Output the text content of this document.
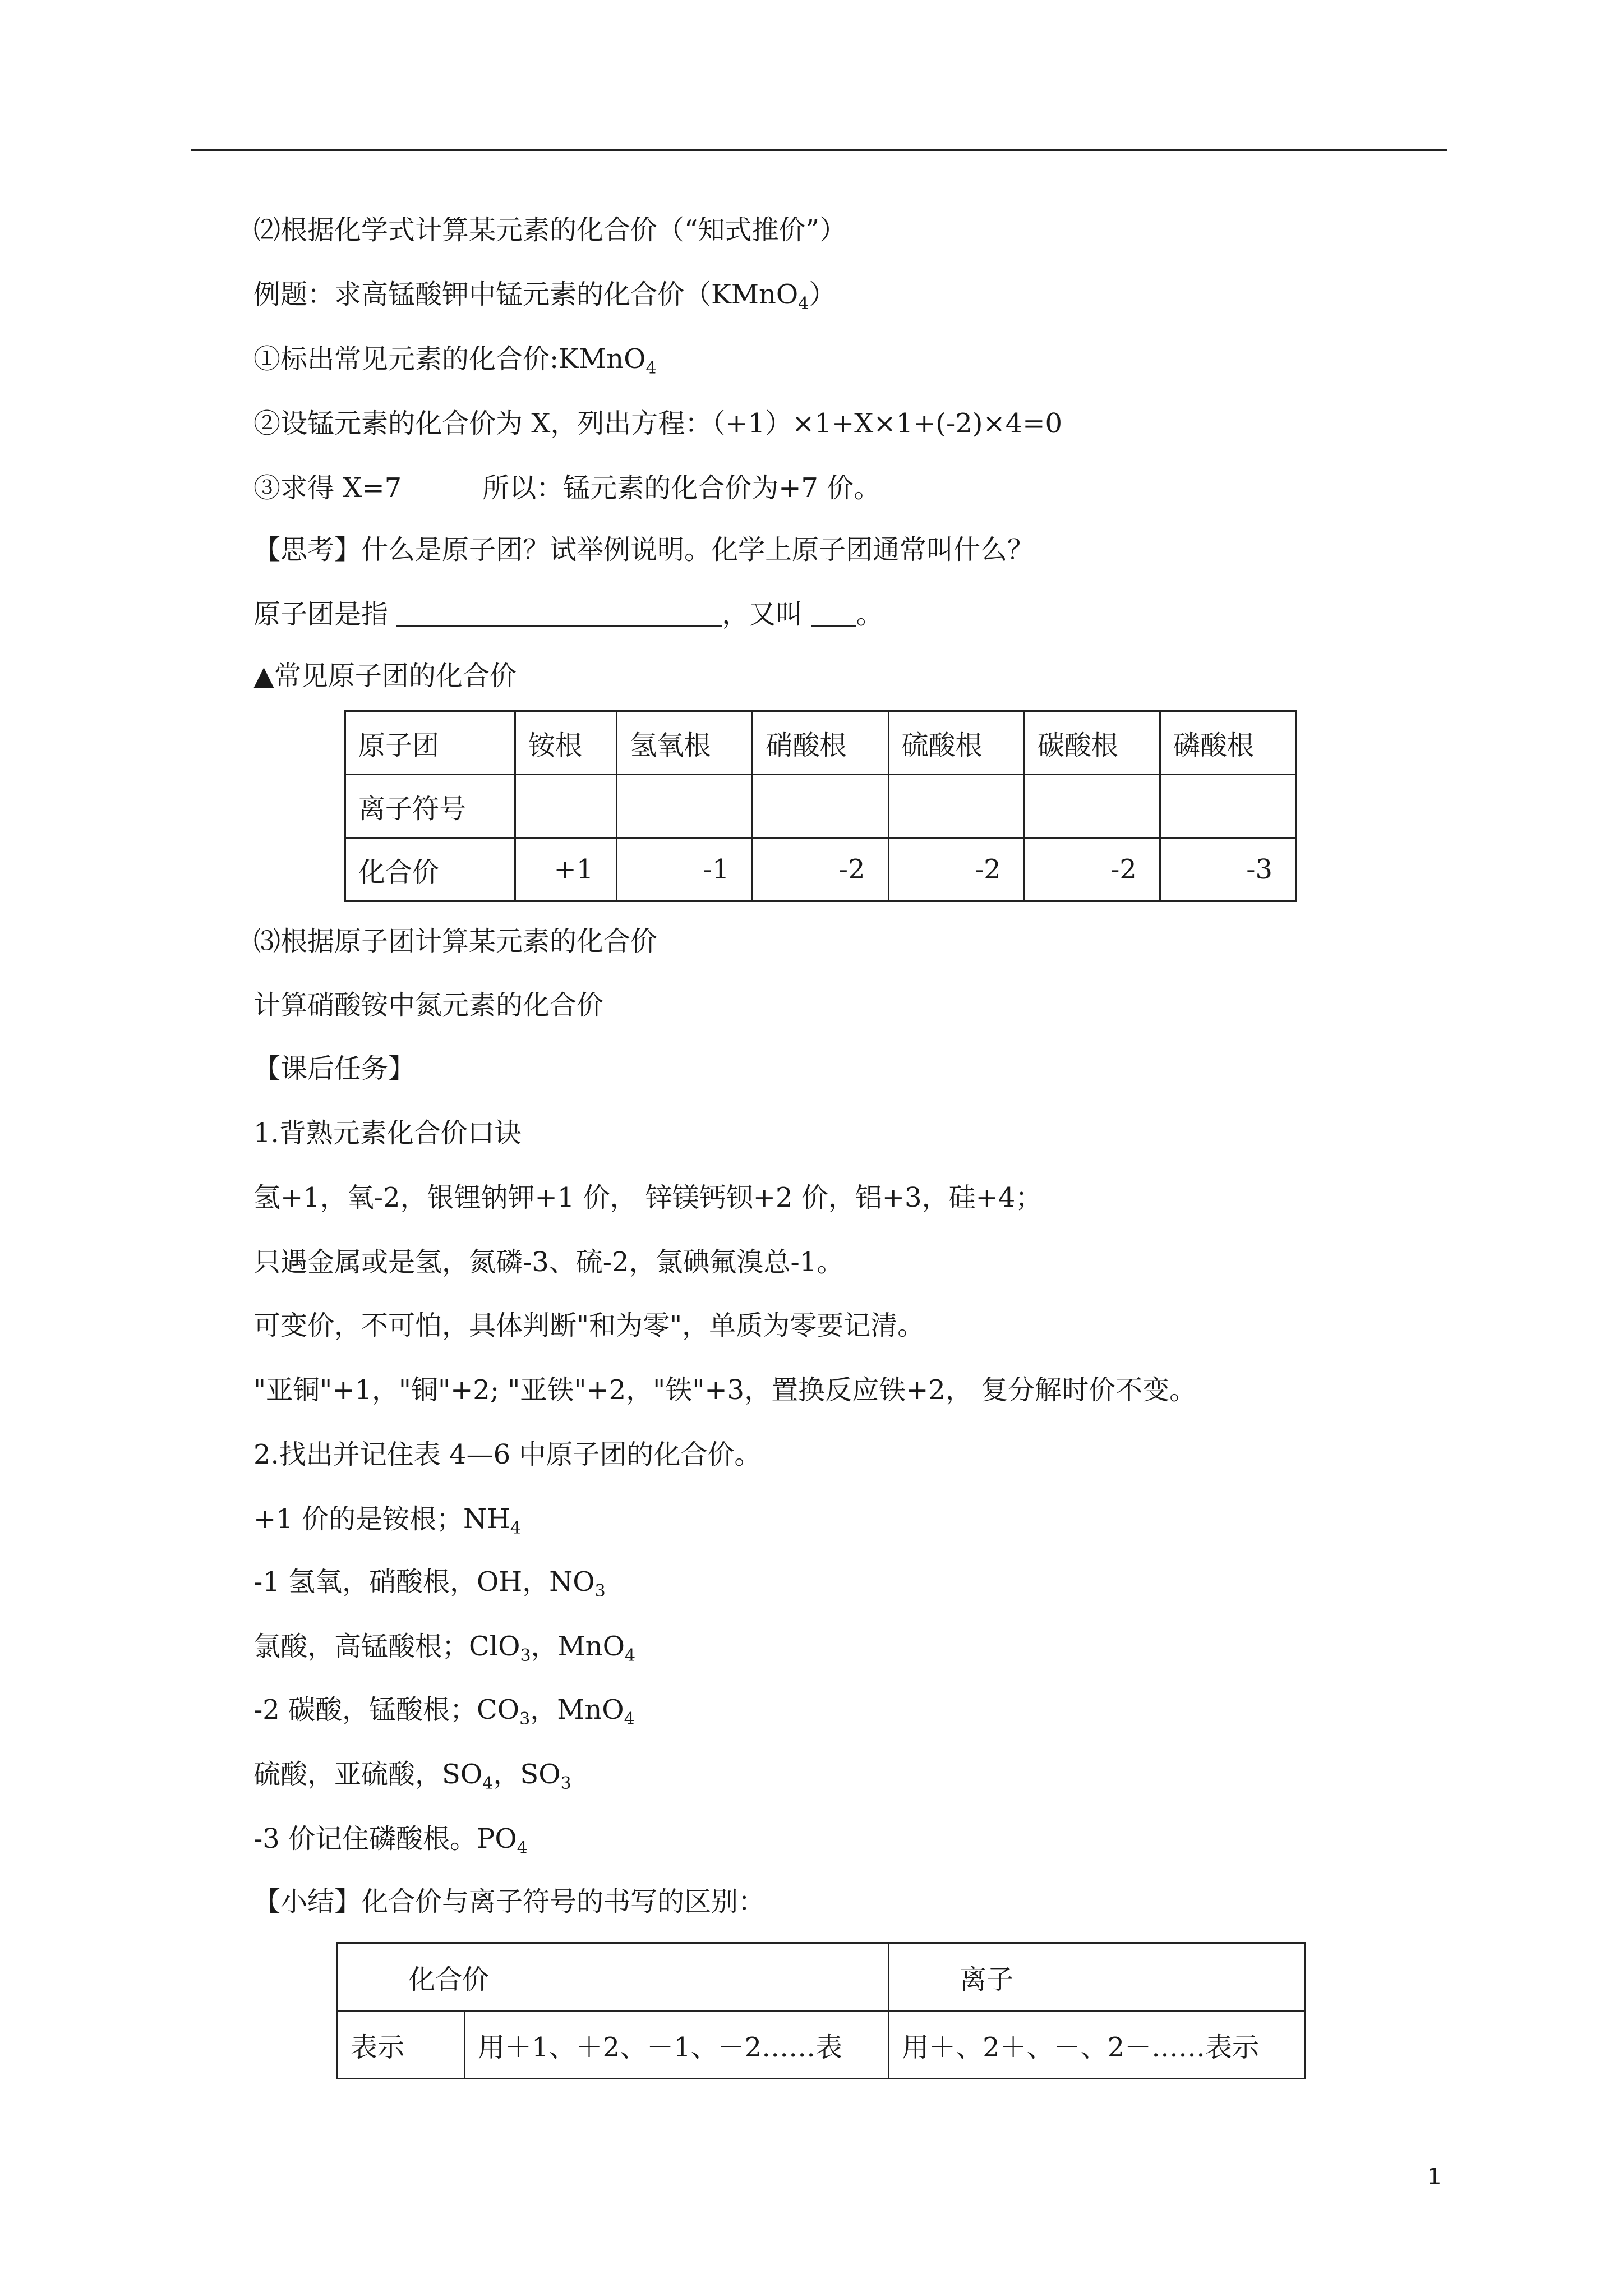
⑵根据化学式计算某元素的化合价（“知式推价”）
例题：求高锰酸钾中锰元素的化合价（KMnO$_4$）
①标出常见元素的化合价:KMnO$_4$
②设锰元素的化合价为 X，列出方程：（+1）×1+X×1+(-2)×4=0
③求得 X=7　　　所以：锰元素的化合价为+7 价。
【思考】什么是原子团？试举例说明。化学上原子团通常叫什么？
原子团是指	，又叫 。
▲常见原子团的化合价
原子团	铵根	氢氧根	硝酸根	硫酸根	碳酸根	磷酸根
离子符号						
化合价	+1	-1	-2	-2	-2	-3
⑶根据原子团计算某元素的化合价
计算硝酸铵中氮元素的化合价
【课后任务】
1.背熟元素化合价口诀
氢+1，氧-2，银锂钠钾+1 价， 锌镁钙钡+2 价，铝+3，硅+4；
只遇金属或是氢，氮磷-3、硫-2，氯碘氟溴总-1。
可变价，不可怕，具体判断"和为零"，单质为零要记清。
"亚铜"+1，"铜"+2; "亚铁"+2，"铁"+3，置换反应铁+2， 复分解时价不变。
2.找出并记住表 4—6 中原子团的化合价。
+1 价的是铵根；$NH_4$
-1 氢氧，硝酸根，OH，$NO_3$
氯酸，高锰酸根；ClO$_3$，MnO$_4$
-2 碳酸，锰酸根；$CO_3$，MnO$_4$
硫酸，亚硫酸，$SO_4$，$SO_3$
-3 价记住磷酸根。$PO_4$
【小结】化合价与离子符号的书写的区别：
化合价		离子
表示	用＋1、＋2、－1、－2……表	用＋、2＋、－、2－……表示
1
